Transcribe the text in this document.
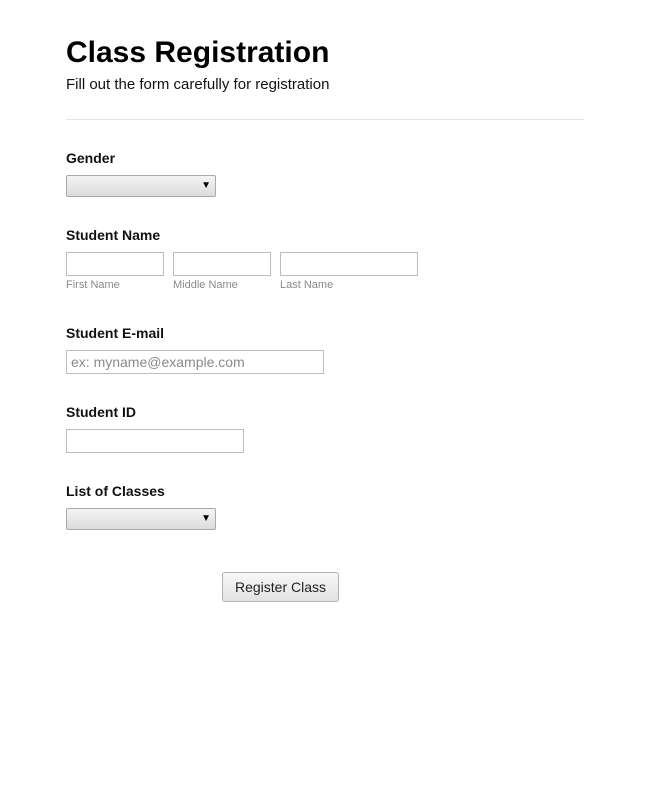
Class Registration

Fill out the form carefully for registration

Gender
▼
Student Name
First Name	Middle Name	Last Name
Student E-mail
ex: myname@example.com
Student ID
List of Classes
▼
Register Class
